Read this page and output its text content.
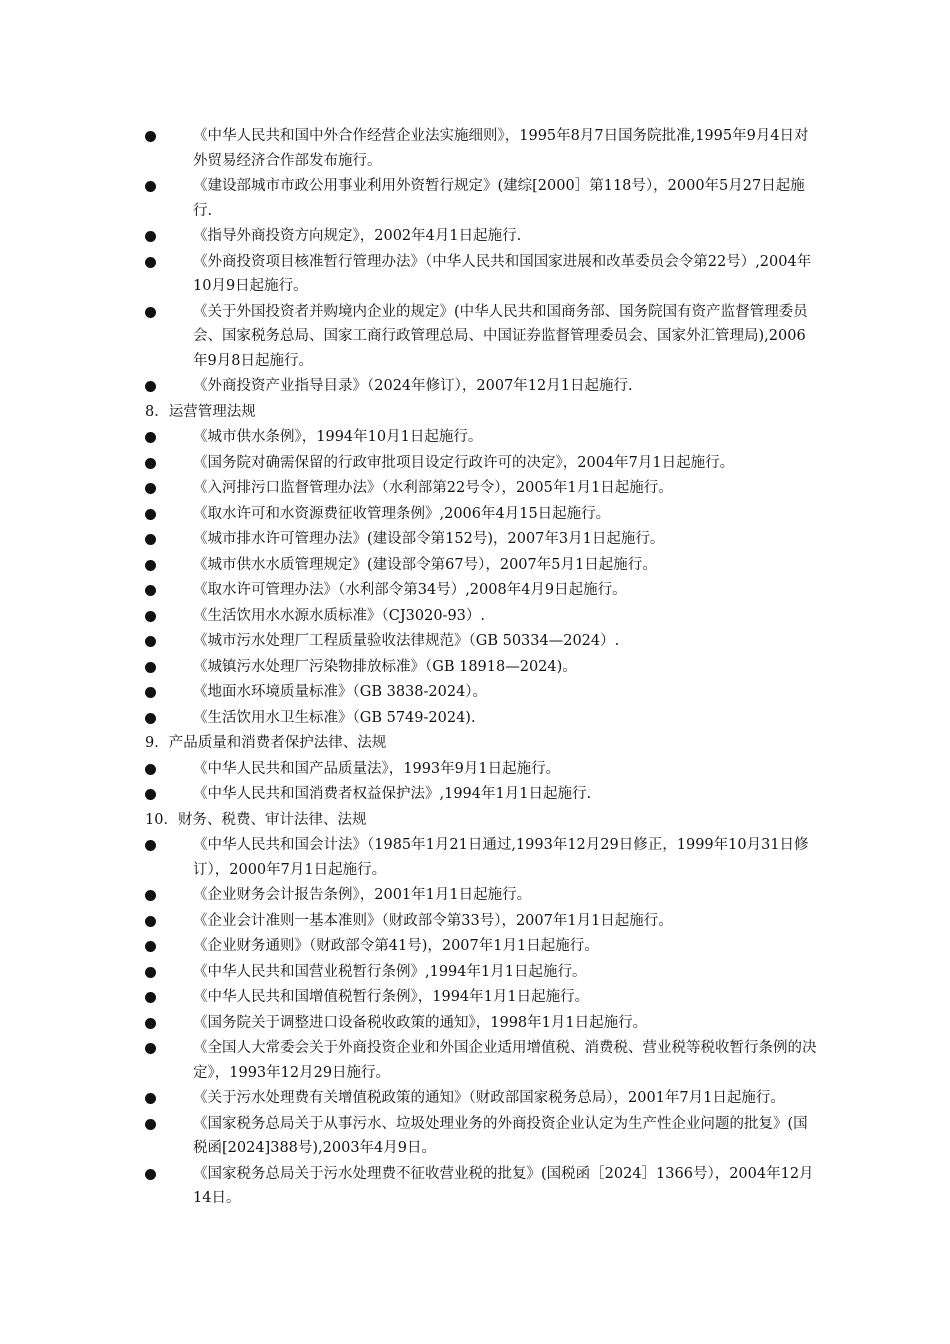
《中华人民共和国中外合作经营企业法实施细则》，1995年8月7日国务院批准,1995年9月4日对外贸易经济合作部发布施行。
《建设部城市市政公用事业利用外资暂行规定》(建综[2000］第118号），2000年5月27日起施行.
《指导外商投资方向规定》，2002年4月1日起施行.
《外商投资项目核准暂行管理办法》（中华人民共和国国家进展和改革委员会令第22号）,2004年10月9日起施行。
《关于外国投资者并购境内企业的规定》(中华人民共和国商务部、国务院国有资产监督管理委员会、国家税务总局、国家工商行政管理总局、中国证券监督管理委员会、国家外汇管理局),2006年9月8日起施行。
《外商投资产业指导目录》（2024年修订），2007年12月1日起施行.
8．运营管理法规
《城市供水条例》，1994年10月1日起施行。
《国务院对确需保留的行政审批项目设定行政许可的决定》，2004年7月1日起施行。
《入河排污口监督管理办法》（水利部第22号令），2005年1月1日起施行。
《取水许可和水资源费征收管理条例》,2006年4月15日起施行。
《城市排水许可管理办法》(建设部令第152号)，2007年3月1日起施行。
《城市供水水质管理规定》(建设部令第67号），2007年5月1日起施行。
《取水许可管理办法》（水利部令第34号）,2008年4月9日起施行。
《生活饮用水水源水质标准》（CJ3020-93）.
《城市污水处理厂工程质量验收法律规范》（GB 50334—2024）.
《城镇污水处理厂污染物排放标准》（GB 18918—2024)。
《地面水环境质量标准》（GB 3838-2024）。
《生活饮用水卫生标准》（GB 5749-2024).
9．产品质量和消费者保护法律、法规
《中华人民共和国产品质量法》，1993年9月1日起施行。
《中华人民共和国消费者权益保护法》,1994年1月1日起施行.
10．财务、税费、审计法律、法规
《中华人民共和国会计法》（1985年1月21日通过,1993年12月29日修正，1999年10月31日修订），2000年7月1日起施行。
《企业财务会计报告条例》，2001年1月1日起施行。
《企业会计准则一基本准则》（财政部令第33号），2007年1月1日起施行。
《企业财务通则》（财政部令第41号)，2007年1月1日起施行。
《中华人民共和国营业税暂行条例》,1994年1月1日起施行。
《中华人民共和国增值税暂行条例》，1994年1月1日起施行。
《国务院关于调整进口设备税收政策的通知》，1998年1月1日起施行。
《全国人大常委会关于外商投资企业和外国企业适用增值税、消费税、营业税等税收暂行条例的决定》，1993年12月29日施行。
《关于污水处理费有关增值税政策的通知》（财政部国家税务总局），2001年7月1日起施行。
《国家税务总局关于从事污水、垃圾处理业务的外商投资企业认定为生产性企业问题的批复》(国税函[2024]388号),2003年4月9日。
《国家税务总局关于污水处理费不征收营业税的批复》(国税函［2024］1366号），2004年12月14日。
